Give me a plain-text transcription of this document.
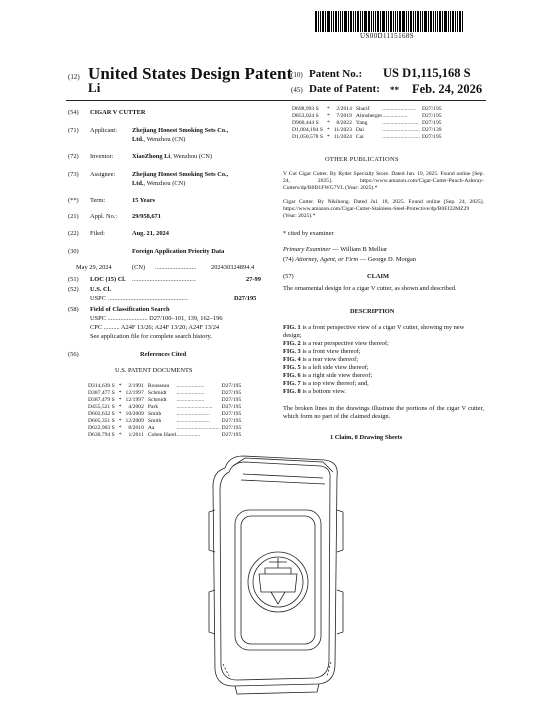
US00D1115168S
(12) United States Design Patent
Li
(10) Patent No.: US D1,115,168 S
(45) Date of Patent: ** Feb. 24, 2026
(54) CIGAR V CUTTER
(71) Applicant: Zhejiang Honest Smoking Sets Co.,
Ltd., Wenzhou (CN)
(72) Inventor:	XiaoZhong Li, Wenzhou (CN)
(73) Assignee:	Zhejiang Honest Smoking Sets Co.,
Ltd., Wenzhou (CN)
(**) Term:	15 Years
(21) Appl. No.: 29/958,671
(22) Filed:	Aug. 21, 2024
(30)	Foreign Application Priority Data
May 29, 2024	(CN) .......................... 202430324894.4
(51) LOC (15) Cl. ........................................	27-99
(52) U.S. Cl.
USPC ..................................................	D27/195
(58) Field of Classification Search
USPC ......................... D27/100–101, 139, 162–196
CPC .......... A24F 13/26; A24F 13/20; A24F 13/24
See application file for complete search history.
(56)	References Cited
U.S. PATENT DOCUMENTS
D314,639 S	*	2/1991	Rousseau	....................	D27/195
D387,477 S	*	12/1997	Schmidt	....................	D27/195
D387,479 S	*	12/1997	Schmidt	....................	D27/195
D455,521 S	*	4/2002	Park	..........................	D27/195
D602,632 S	*	10/2009	Smith	........................	D27/195
D605,351 S	*	12/2009	Smith	........................	D27/195
D622,903 S	*	8/2010	Aa	...............................	D27/195
D630,794 S	*	1/2011	Cohen Harel	.................	D27/195
D698,993 S	*	2/2014	Sharif	........................	D27/195
D853,024 S	*	7/2019	Almsberger	..................	D27/195
D960,444 S	*	8/2022	Yang	..........................	D27/195
D1,004,184 S	*	11/2023	Dai	...........................	D27/139
D1,050,578 S	*	11/2024	Cai	...........................	D27/195
OTHER PUBLICATIONS
V Cut Cigar Cutter. By Ryder Specialty Store. Dated Jan. 19, 2025. Found online [Sep. 24, 2025]. https://www.amazon.com/Cigar-Cutter-Punch-Ashtray-Cutters/dp/B0D1FWG7VL (Year: 2025).*
Cigar Cutter. By Nikihong. Dated Jul. 18, 2025. Found online [Sep. 24, 2025]. https://www.amazon.com/Cigar-Cutter-Stainless-Steel-Protective/dp/B0FJ22MZ29 (Year: 2025).*
* cited by examiner
Primary Examiner — William B Melliar
(74) Attorney, Agent, or Firm — George D. Morgan
(57)	CLAIM
The ornamental design for a cigar V cutter, as shown and described.
DESCRIPTION
FIG. 1 is a front perspective view of a cigar V cutter, showing my new design;
FIG. 2 is a rear perspective view thereof;
FIG. 3 is a front view thereof;
FIG. 4 is a rear view thereof;
FIG. 5 is a left side view thereof;
FIG. 6 is a right side view thereof;
FIG. 7 is a top view thereof; and,
FIG. 8 is a bottom view.
The broken lines in the drawings illustrate the portions of the cigar V cutter, which form no part of the claimed design.
1 Claim, 8 Drawing Sheets
